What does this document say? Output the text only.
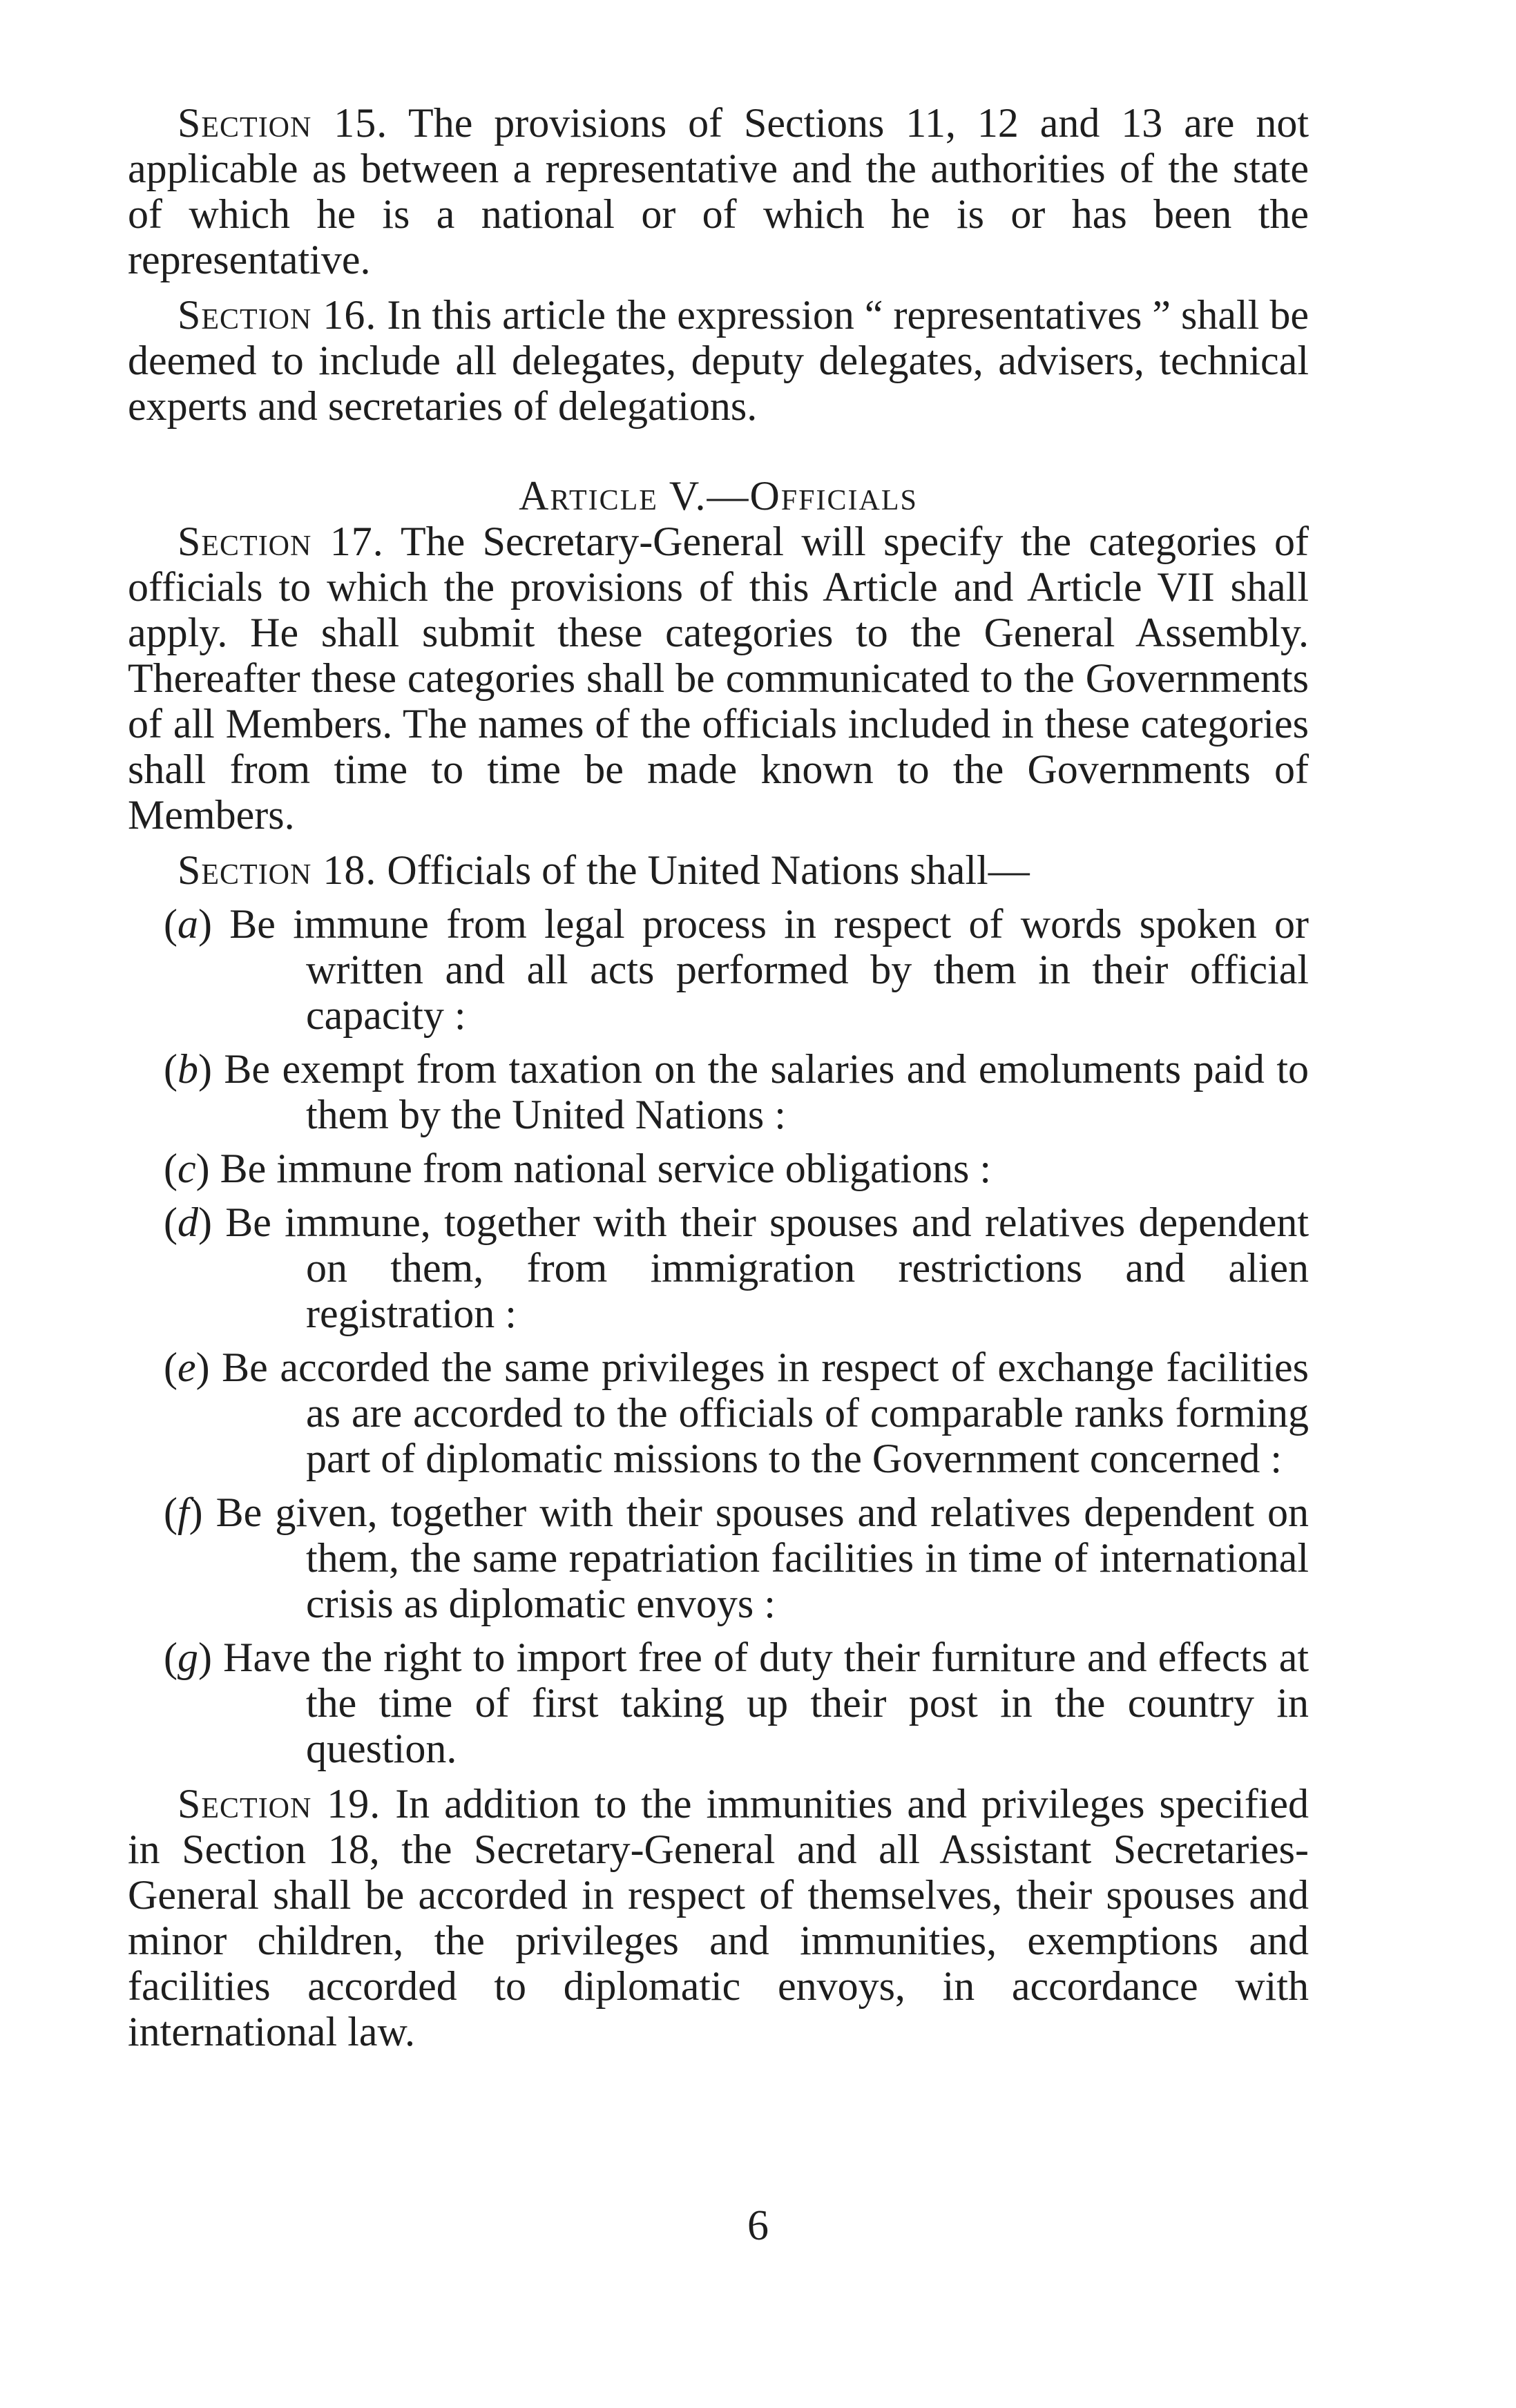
Section 15. The provisions of Sections 11, 12 and 13 are not applicable as between a representative and the authorities of the state of which he is a national or of which he is or has been the representative.

Section 16. In this article the expression “ representatives ” shall be deemed to include all delegates, deputy delegates, advisers, technical experts and secretaries of delegations.

Article V.—Officials

Section 17. The Secretary-General will specify the categories of officials to which the provisions of this Article and Article VII shall apply. He shall submit these categories to the General Assembly. Thereafter these categories shall be communicated to the Governments of all Members. The names of the officials included in these categories shall from time to time be made known to the Governments of Members.

Section 18. Officials of the United Nations shall—

(a) Be immune from legal process in respect of words spoken or written and all acts performed by them in their official capacity :

(b) Be exempt from taxation on the salaries and emoluments paid to them by the United Nations :

(c) Be immune from national service obligations :

(d) Be immune, together with their spouses and relatives dependent on them, from immigration restrictions and alien registration :

(e) Be accorded the same privileges in respect of exchange facilities as are accorded to the officials of comparable ranks forming part of diplomatic missions to the Government concerned :

(f) Be given, together with their spouses and relatives dependent on them, the same repatriation facilities in time of international crisis as diplomatic envoys :

(g) Have the right to import free of duty their furniture and effects at the time of first taking up their post in the country in question.

Section 19. In addition to the immunities and privileges specified in Section 18, the Secretary-General and all Assistant Secretaries-General shall be accorded in respect of themselves, their spouses and minor children, the privileges and immunities, exemptions and facilities accorded to diplomatic envoys, in accordance with international law.

6
